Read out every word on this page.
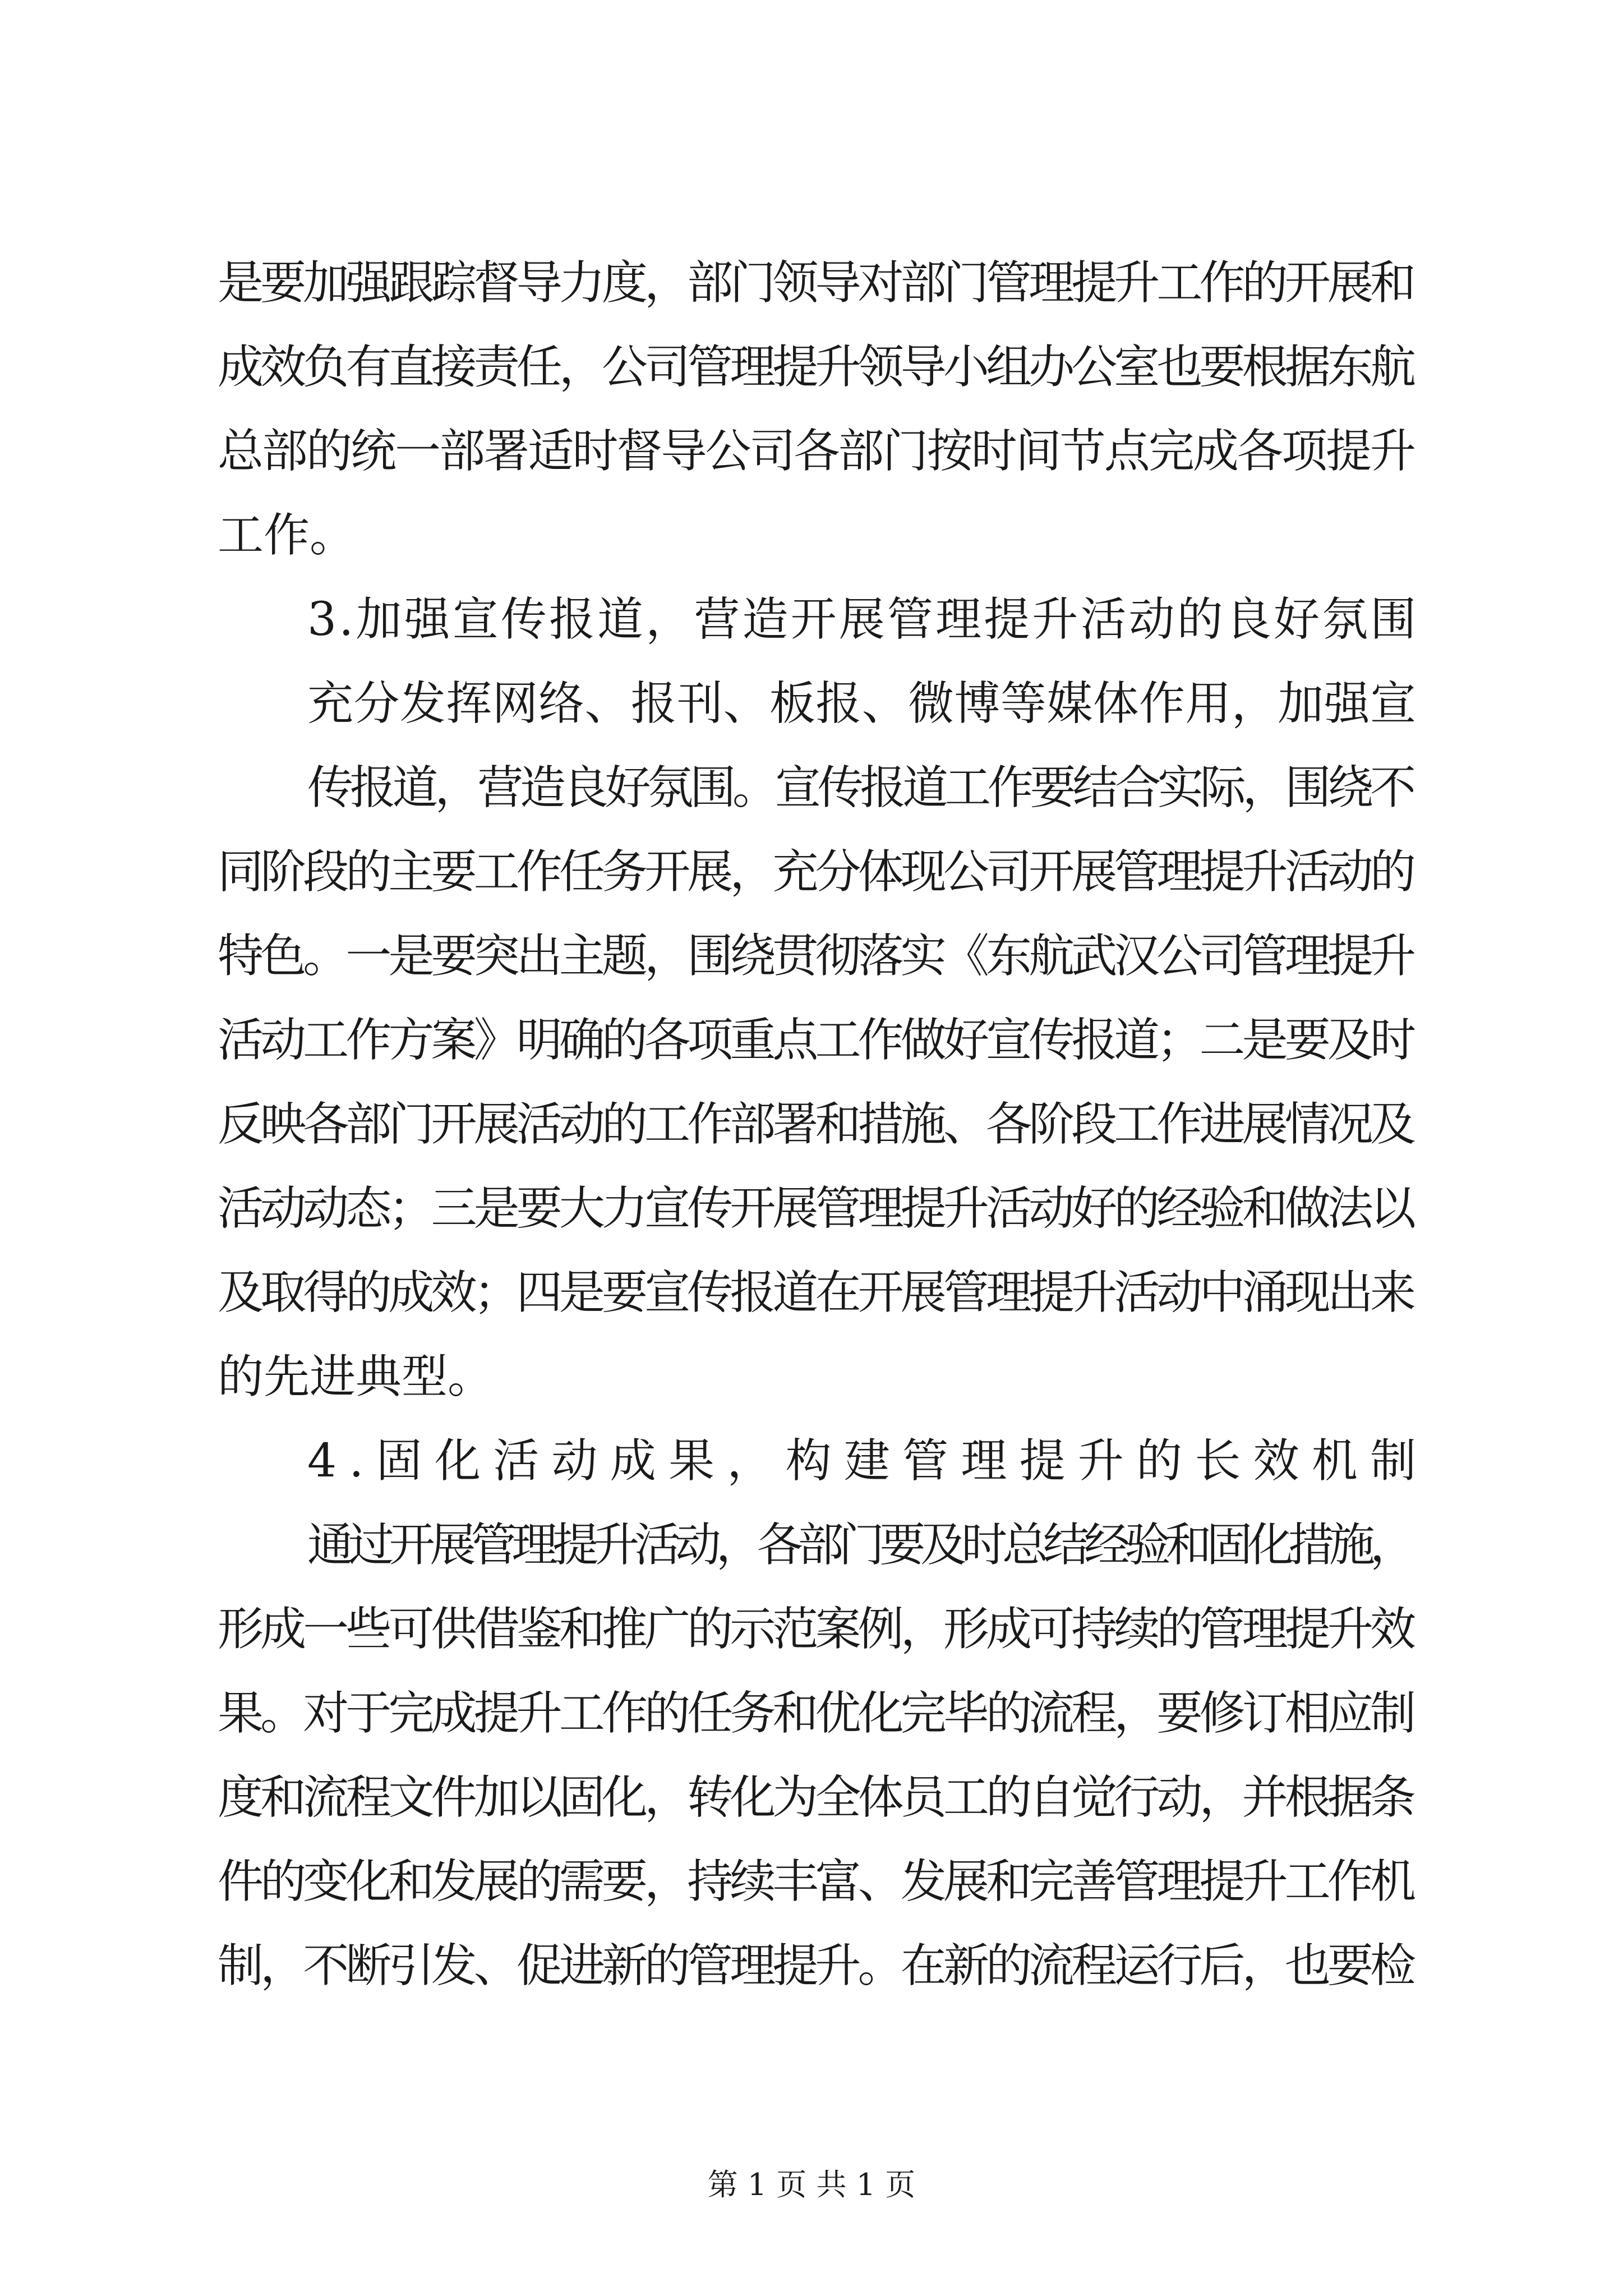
是要加强跟踪督导力度，部门领导对部门管理提升工作的开展和
成效负有直接责任，公司管理提升领导小组办公室也要根据东航
总部的统一部署适时督导公司各部门按时间节点完成各项提升
工作。
3.加强宣传报道，营造开展管理提升活动的良好氛围
充分发挥网络、报刊、板报、微博等媒体作用，加强宣
传报道，营造良好氛围。宣传报道工作要结合实际，围绕不
同阶段的主要工作任务开展，充分体现公司开展管理提升活动的
特色。一是要突出主题，围绕贯彻落实《东航武汉公司管理提升
活动工作方案》明确的各项重点工作做好宣传报道；二是要及时
反映各部门开展活动的工作部署和措施、各阶段工作进展情况及
活动动态；三是要大力宣传开展管理提升活动好的经验和做法以
及取得的成效；四是要宣传报道在开展管理提升活动中涌现出来
的先进典型。
4.固化活动成果，构建管理提升的长效机制
通过开展管理提升活动，各部门要及时总结经验和固化措施，
形成一些可供借鉴和推广的示范案例，形成可持续的管理提升效
果。对于完成提升工作的任务和优化完毕的流程，要修订相应制
度和流程文件加以固化，转化为全体员工的自觉行动，并根据条
件的变化和发展的需要，持续丰富、发展和完善管理提升工作机
制，不断引发、促进新的管理提升。在新的流程运行后，也要检
第 1 页 共 1 页
